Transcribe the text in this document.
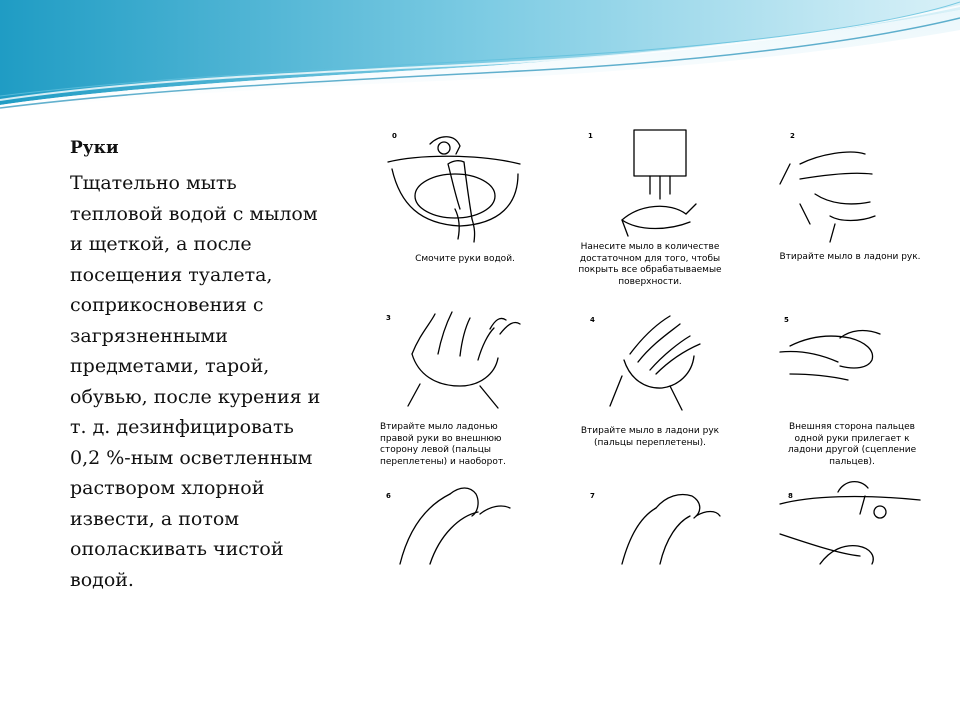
Руки
Тщательно мыть
тепловой водой с мылом
и щеткой, а после
посещения туалета,
соприкосновения с
загрязненными
предметами, тарой,
обувью, после курения и
т. д. дезинфицировать
0,2 %-ным осветленным
раствором хлорной
извести, а потом
ополаскивать чистой
водой.
0	1	2
3	4	5
6	7	8
Смочите руки водой.
Нанесите мыло в количестве
достаточном для того, чтобы
покрыть все обрабатываемые
поверхности.
Втирайте мыло в ладони рук.
Втирайте мыло ладонью
правой руки во внешнюю
сторону левой (пальцы
переплетены) и наоборот.
Втирайте мыло в ладони рук
(пальцы переплетены).
Внешняя сторона пальцев
одной руки прилегает к
ладони другой (сцепление
пальцев).
